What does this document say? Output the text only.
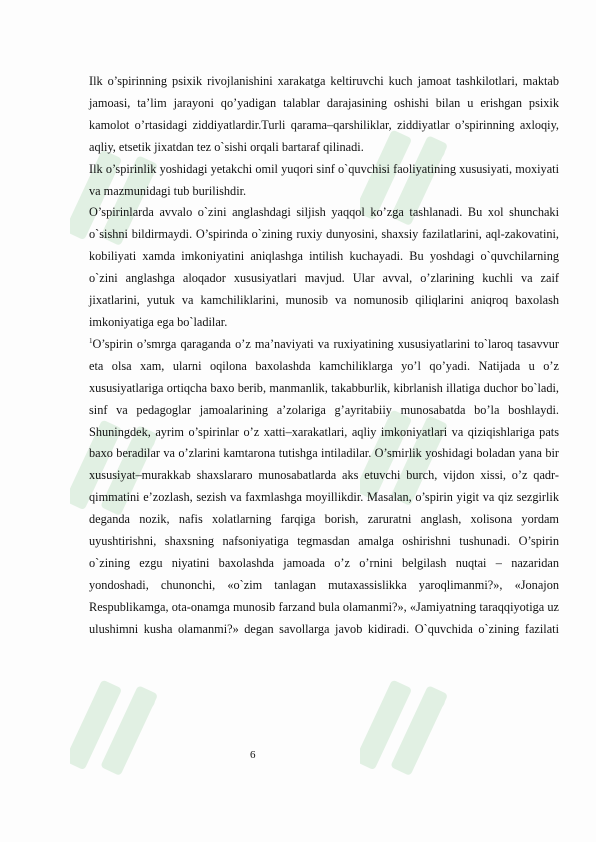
Ilk o’spirinning psixik rivojlanishini xarakatga keltiruvchi kuch jamoat tashkilotlari, maktab jamoasi, ta’lim jarayoni qo’yadigan talablar darajasining oshishi bilan u erishgan psixik kamolot o’rtasidagi ziddiyatlardir.Turli qarama–qarshiliklar, ziddiyatlar o’spirinning axloqiy, aqliy, etsetik jixatdan tez o`sishi orqali bartaraf qilinadi.

Ilk o’spirinlik yoshidagi yetakchi omil yuqori sinf o`quvchisi faoliyatining xususiyati, moxiyati va mazmunidagi tub burilishdir.

O’spirinlarda avvalo o`zini anglashdagi siljish yaqqol ko’zga tashlanadi. Bu xol shunchaki o`sishni bildirmaydi. O’spirinda o`zining ruxiy dunyosini, shaxsiy fazilatlarini, aql-zakovatini, kobiliyati xamda imkoniyatini aniqlashga intilish kuchayadi. Bu yoshdagi o`quvchilarning o`zini anglashga aloqador xususiyatlari mavjud. Ular avval, o’zlarining kuchli va zaif jixatlarini, yutuk va kamchiliklarini, munosib va nomunosib qiliqlarini aniqroq baxolash imkoniyatiga ega bo`ladilar.

$^1$O’spirin o’smrga qaraganda o’z ma’naviyati va ruxiyatining xususiyatlarini to`laroq tasavvur eta olsa xam, ularni oqilona baxolashda kamchiliklarga yo’l qo’yadi. Natijada u o’z xususiyatlariga ortiqcha baxo berib, manmanlik, takabburlik, kibrlanish illatiga duchor bo`ladi, sinf va pedagoglar jamoalarining a’zolariga g’ayritabiiy munosabatda bo’la boshlaydi. Shuningdek, ayrim o’spirinlar o’z xatti–xarakatlari, aqliy imkoniyatlari va qiziqishlariga pats baxo beradilar va o’zlarini kamtarona tutishga intiladilar. O’smirlik yoshidagi boladan yana bir xususiyat–murakkab shaxslararo munosabatlarda aks etuvchi burch, vijdon xissi, o’z qadr-qimmatini e’zozlash, sezish va faxmlashga moyillikdir. Masalan, o’spirin yigit va qiz sezgirlik deganda nozik, nafis xolatlarning farqiga borish, zaruratni anglash, xolisona yordam uyushtirishni, shaxsning nafsoniyatiga tegmasdan amalga oshirishni tushunadi. O’spirin o`zining ezgu niyatini baxolashda jamoada o’z o’rnini belgilash nuqtai – nazaridan yondoshadi, chunonchi, «o`zim tanlagan mutaxassislikka yaroqlimanmi?», «Jonajon Respublikamga, ota-onamga munosib farzand bula olamanmi?», «Jamiyatning taraqqiyotiga uz ulushimni kusha olamanmi?» degan savollarga javob kidiradi. O`quvchida o`zining fazilati

6
